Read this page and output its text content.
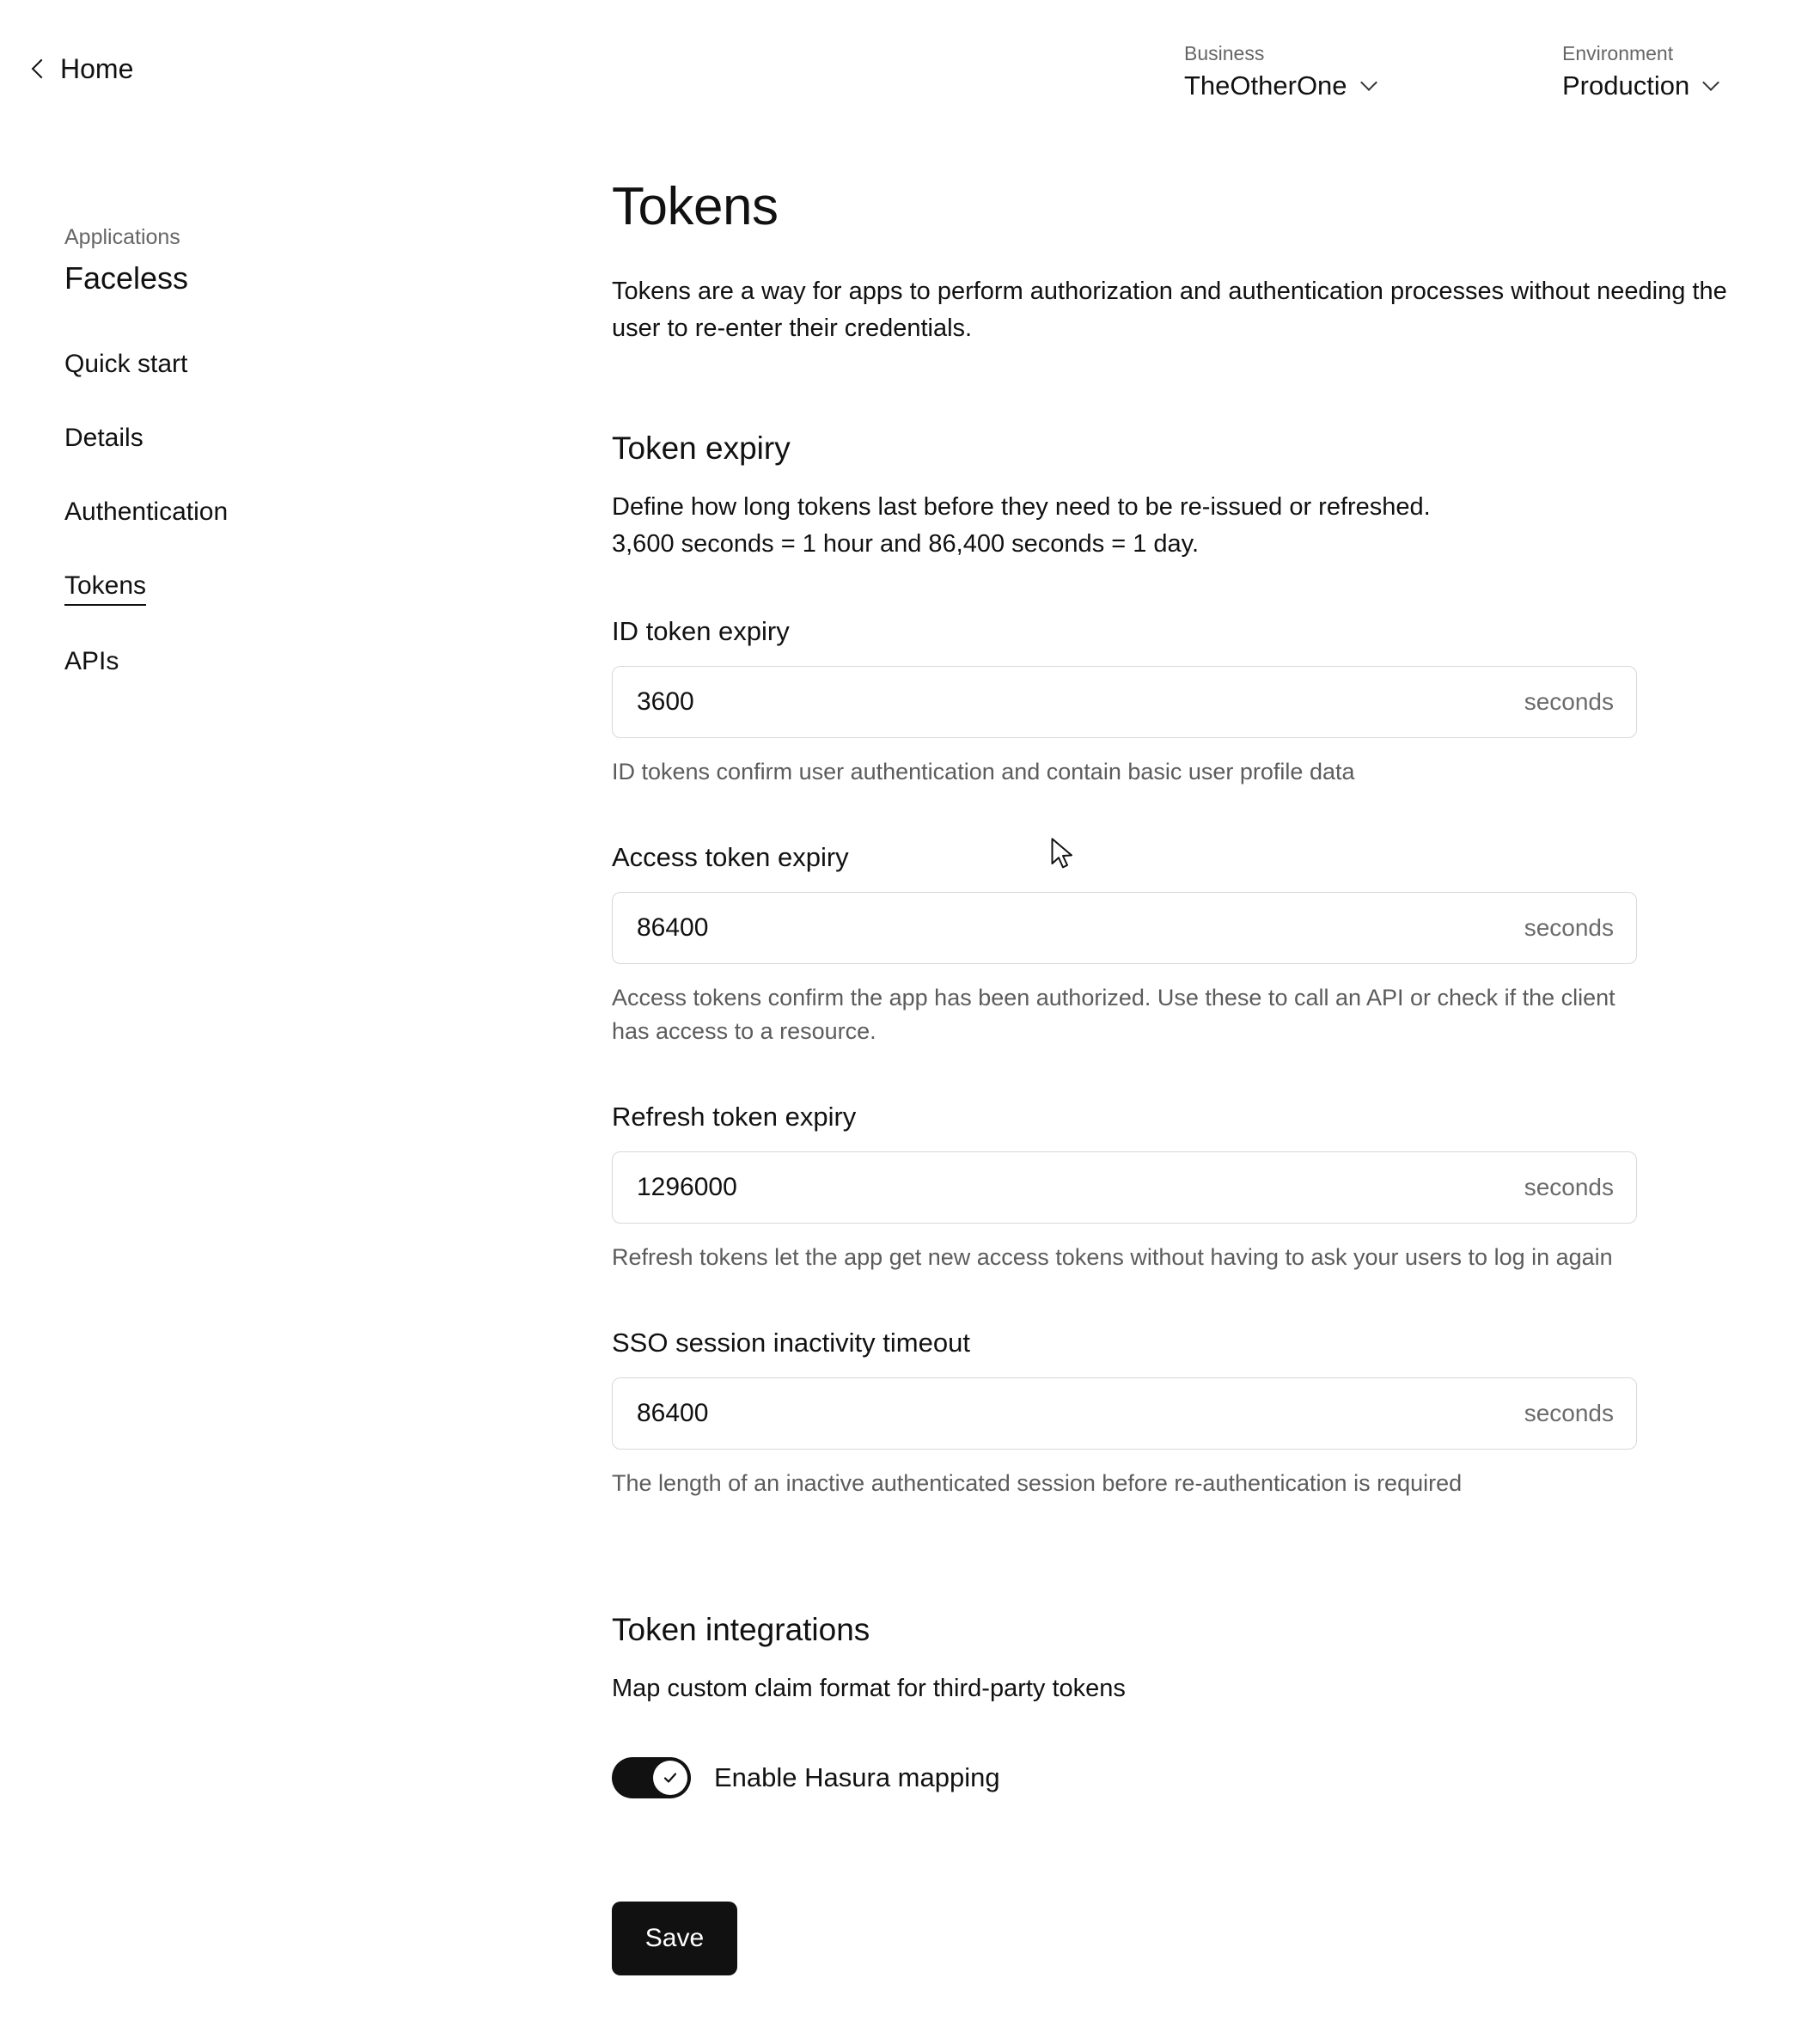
Home	Business
TheOtherOne
Environment
Production
Applications
Faceless
Quick start
Details
Authentication
Tokens
APIs
Tokens

Tokens are a way for apps to perform authorization and authentication processes without needing the user to re-enter their credentials.

Token expiry

Define how long tokens last before they need to be re-issued or refreshed.

3,600 seconds = 1 hour and 86,400 seconds = 1 day.

ID token expiry
3600
seconds
ID tokens confirm user authentication and contain basic user profile data
Access token expiry
86400
seconds
Access tokens confirm the app has been authorized. Use these to call an API or check if the client has access to a resource.
Refresh token expiry
1296000
seconds
Refresh tokens let the app get new access tokens without having to ask your users to log in again
SSO session inactivity timeout
86400
seconds
The length of an inactive authenticated session before re-authentication is required
Token integrations

Map custom claim format for third-party tokens

Enable Hasura mapping
Save
